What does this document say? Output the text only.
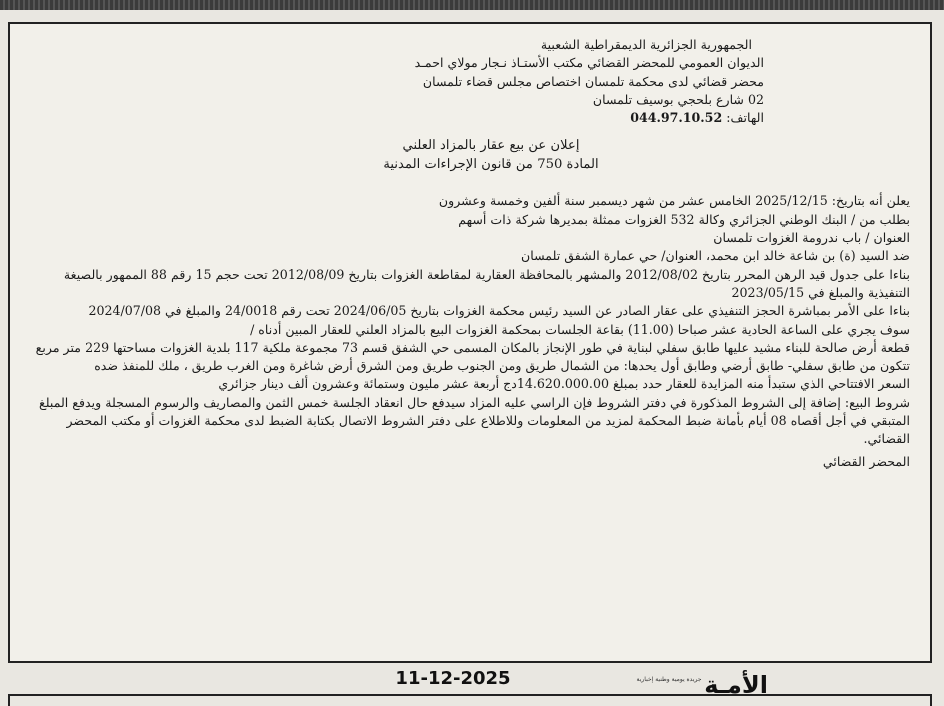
الجمهورية الجزائرية الديمقراطية الشعبية
الديوان العمومي للمحضر القضائي مكتب الأستـاذ نـجار مولاي احمـد
محضر قضائي لدى محكمة تلمسان اختصاص مجلس قضاء تلمسان
02 شارع بلحجي بوسيف تلمسان
الهاتف: 044.97.10.52
إعلان عن بيع عقار بالمزاد العلني
المادة 750 من قانون الإجراءات المدنية

يعلن أنه بتاريخ: 2025/12/15 الخامس عشر من شهر ديسمبر سنة ألفين وخمسة وعشرون

بطلب من / البنك الوطني الجزائري وكالة 532 الغزوات ممثلة بمديرها شركة ذات أسهم

العنوان / باب ندرومة الغزوات تلمسان

ضد السيد (ة) بن شاعة خالد ابن محمد، العنوان/ حي عمارة الشفق تلمسان

بناءا على جدول قيد الرهن المحرر بتاريخ 2012/08/02 والمشهر بالمحافظة العقارية لمقاطعة الغزوات بتاريخ 2012/08/09 تحت حجم 15 رقم 88 الممهور بالصيغة التنفيذية والمبلغ في 2023/05/15

بناءا على الأمر بمباشرة الحجز التنفيذي على عقار الصادر عن السيد رئيس محكمة الغزوات بتاريخ 2024/06/05 تحت رقم 24/0018 والمبلغ في 2024/07/08

سوف يجري على الساعة الحادية عشر صباحا (11.00) بقاعة الجلسات بمحكمة الغزوات البيع بالمزاد العلني للعقار المبين أدناه /

قطعة أرض صالحة للبناء مشيد عليها طابق سفلي لبناية في طور الإنجاز بالمكان المسمى حي الشفق قسم 73 مجموعة ملكية 117 بلدية الغزوات مساحتها 229 متر مربع تتكون من طابق سفلي- طابق أرضي وطابق أول يحدها: من الشمال طريق ومن الجنوب طريق ومن الشرق أرض شاغرة ومن الغرب طريق ، ملك للمنفذ ضده

السعر الافتتاحي الذي ستبدأ منه المزايدة للعقار حدد بمبلغ 14.620.000.00دج أربعة عشر مليون وستمائة وعشرون ألف دينار جزائري

شروط البيع: إضافة إلى الشروط المذكورة في دفتر الشروط فإن الراسي عليه المزاد سيدفع حال انعقاد الجلسة خمس الثمن والمصاريف والرسوم المسجلة ويدفع المبلغ المتبقي في أجل أقصاه 08 أيام بأمانة ضبط المحكمة لمزيد من المعلومات وللاطلاع على دفتر الشروط الاتصال بكتابة الضبط لدى محكمة الغزوات أو مكتب المحضر القضائي.

المحضر القضائي

11-12-2025	الأمـة
جريدة يومية وطنية إخبارية
